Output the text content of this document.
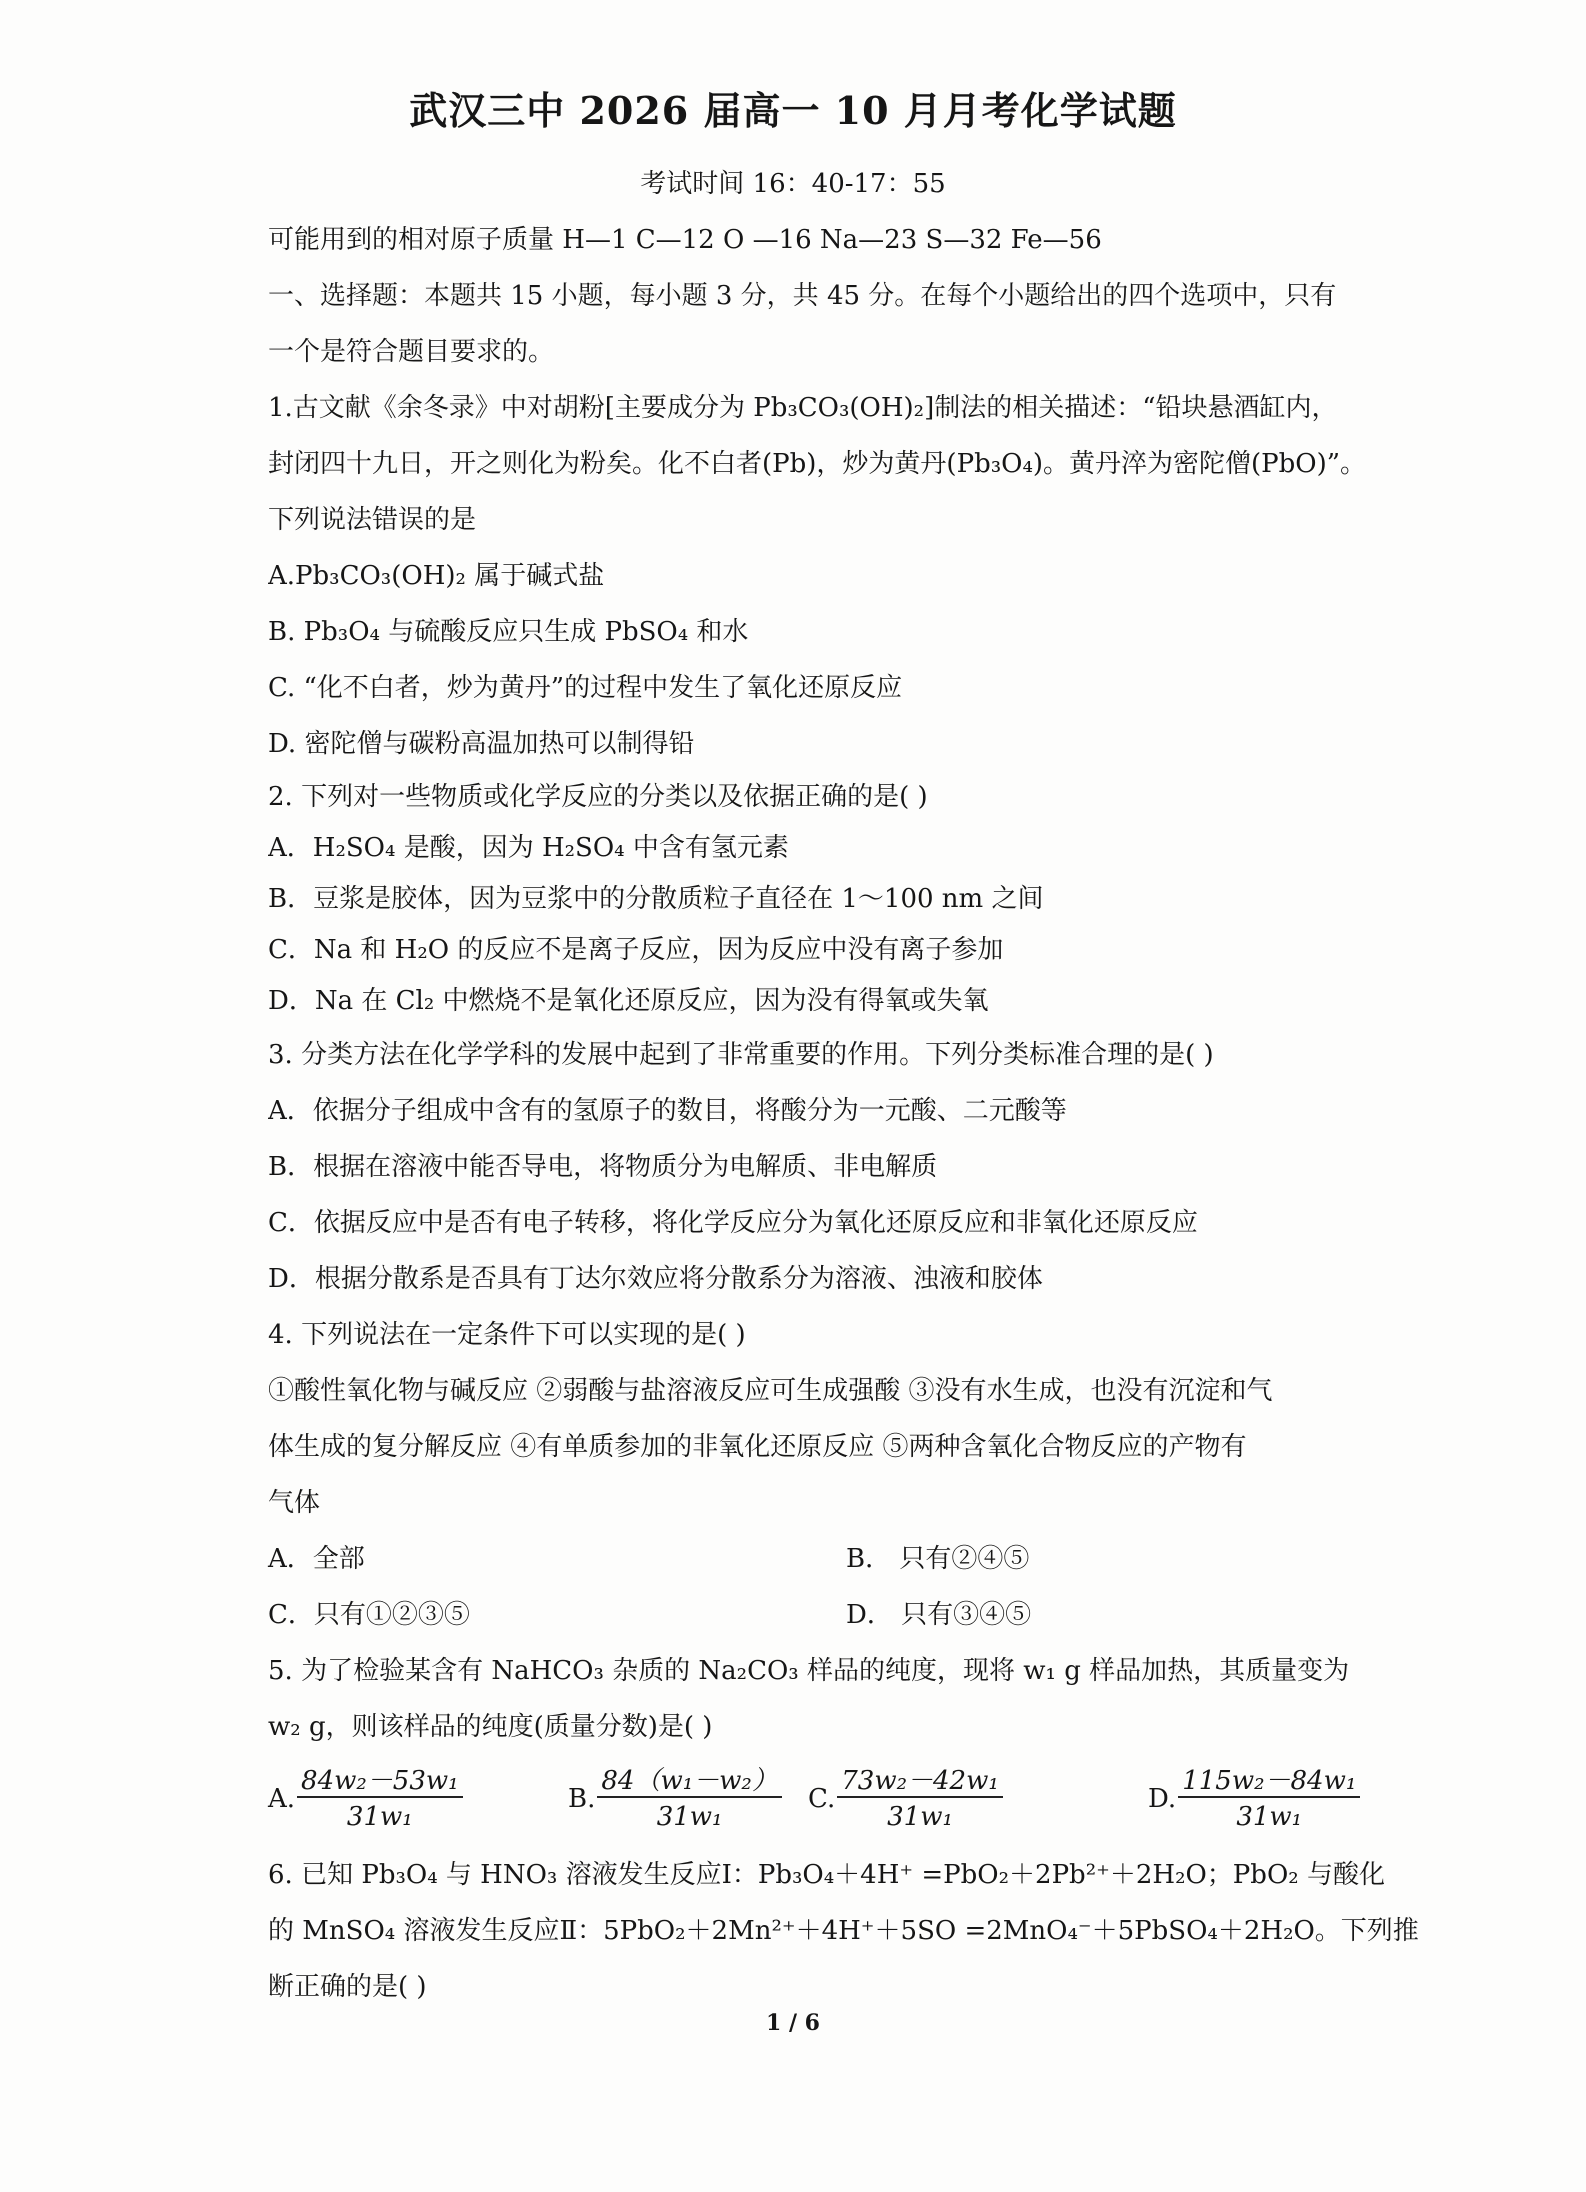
武汉三中 2026 届高一 10 月月考化学试题
考试时间 16：40-17：55
可能用到的相对原子质量 H—1 C—12 O —16 Na—23 S—32 Fe—56
一、选择题：本题共 15 小题，每小题 3 分，共 45 分。在每个小题给出的四个选项中，只有
一个是符合题目要求的。
1.古文献《余冬录》中对胡粉[主要成分为 Pb₃CO₃(OH)₂]制法的相关描述：“铅块悬酒缸内，
封闭四十九日，开之则化为粉矣。化不白者(Pb)，炒为黄丹(Pb₃O₄)。黄丹淬为密陀僧(PbO)”。
下列说法错误的是
A.Pb₃CO₃(OH)₂ 属于碱式盐
B. Pb₃O₄ 与硫酸反应只生成 PbSO₄ 和水
C. “化不白者，炒为黄丹”的过程中发生了氧化还原反应
D. 密陀僧与碳粉高温加热可以制得铅
2. 下列对一些物质或化学反应的分类以及依据正确的是( )
A．H₂SO₄ 是酸，因为 H₂SO₄ 中含有氢元素
B．豆浆是胶体，因为豆浆中的分散质粒子直径在 1～100 nm 之间
C．Na 和 H₂O 的反应不是离子反应，因为反应中没有离子参加
D．Na 在 Cl₂ 中燃烧不是氧化还原反应，因为没有得氧或失氧
3. 分类方法在化学学科的发展中起到了非常重要的作用。下列分类标准合理的是( )
A．依据分子组成中含有的氢原子的数目，将酸分为一元酸、二元酸等
B．根据在溶液中能否导电，将物质分为电解质、非电解质
C．依据反应中是否有电子转移，将化学反应分为氧化还原反应和非氧化还原反应
D．根据分散系是否具有丁达尔效应将分散系分为溶液、浊液和胶体
4. 下列说法在一定条件下可以实现的是( )
①酸性氧化物与碱反应 ②弱酸与盐溶液反应可生成强酸 ③没有水生成，也没有沉淀和气
体生成的复分解反应 ④有单质参加的非氧化还原反应 ⑤两种含氧化合物反应的产物有
气体
A．全部	B． 只有②④⑤
C．只有①②③⑤	D． 只有③④⑤
5. 为了检验某含有 NaHCO₃ 杂质的 Na₂CO₃ 样品的纯度，现将 w₁ g 样品加热，其质量变为
w₂ g，则该样品的纯度(质量分数)是( )
A. $\frac{\text{84w₂－53w₁}}{\text{31w₁}}$	B. $\frac{\text{84（w₁－w₂）}}{\text{31w₁}} C$. $\frac{\text{73w₂－42w₁}}{\text{31w₁}}$	D. $\frac{\text{115w₂－84w₁}}{\text{31w₁}}$
6. 已知 Pb₃O₄ 与 HNO₃ 溶液发生反应Ⅰ：Pb₃O₄＋4H⁺ =PbO₂＋2Pb²⁺＋2H₂O；PbO₂ 与酸化
的 MnSO₄ 溶液发生反应Ⅱ：5PbO₂＋2Mn²⁺＋4H⁺＋5SO =2MnO₄⁻＋5PbSO₄＋2H₂O。下列推
断正确的是( )
1 / 6
